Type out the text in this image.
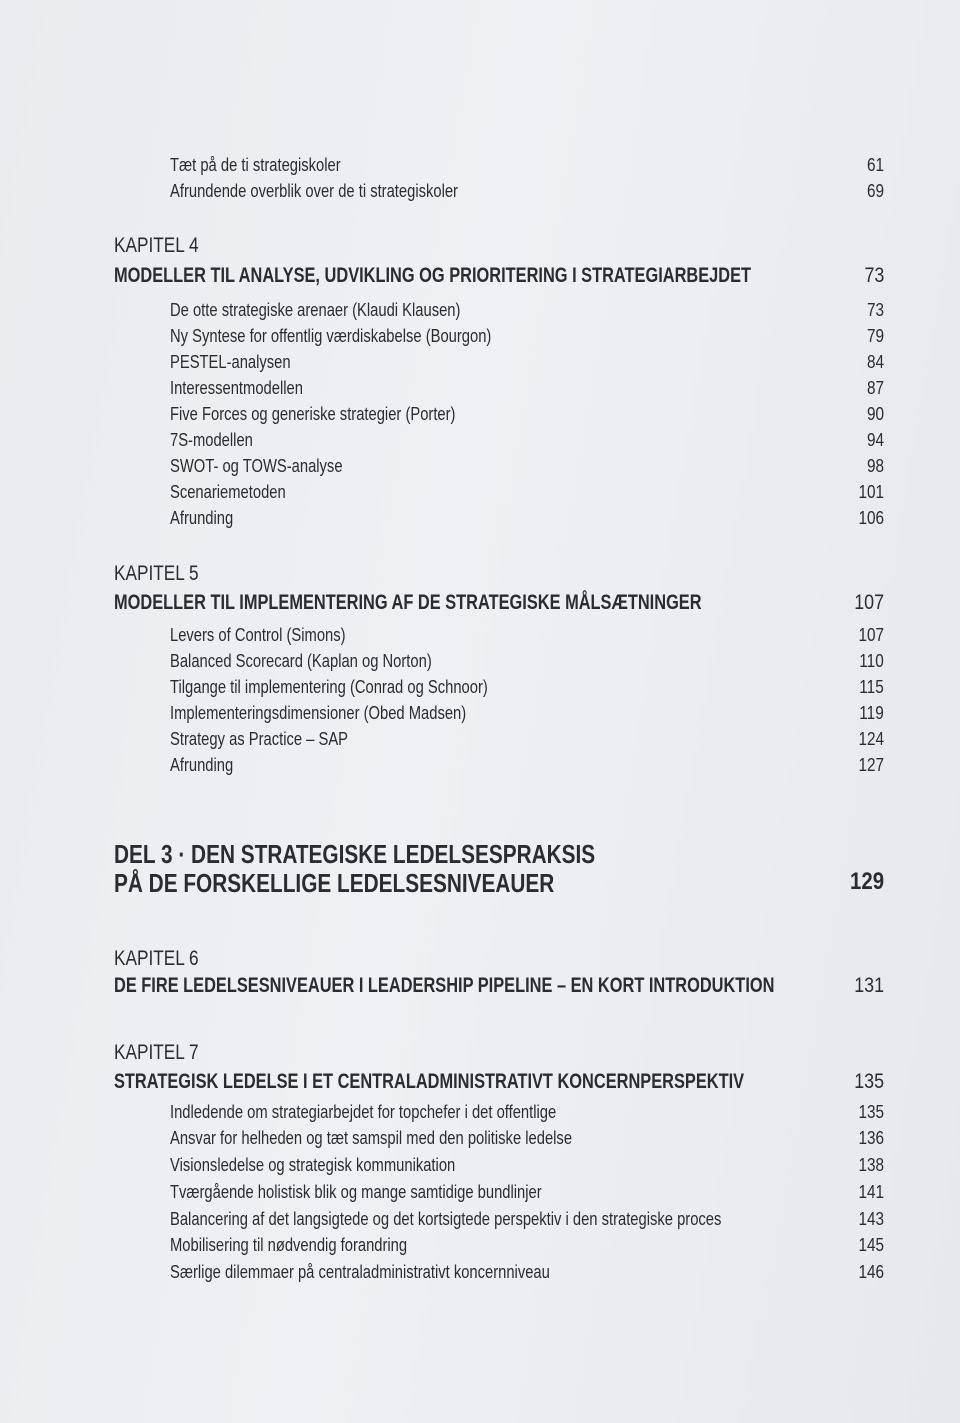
Tæt på de ti strategiskoler	61
Afrundende overblik over de ti strategiskoler	69
KAPITEL 4
MODELLER TIL ANALYSE, UDVIKLING OG PRIORITERING I STRATEGIARBEJDET	73
De otte strategiske arenaer (Klaudi Klausen)	73
Ny Syntese for offentlig værdiskabelse (Bourgon)	79
PESTEL-analysen	84
Interessentmodellen	87
Five Forces og generiske strategier (Porter)	90
7S-modellen	94
SWOT- og TOWS-analyse	98
Scenariemetoden	101
Afrunding	106
KAPITEL 5
MODELLER TIL IMPLEMENTERING AF DE STRATEGISKE MÅLSÆTNINGER	107
Levers of Control (Simons)	107
Balanced Scorecard (Kaplan og Norton)	110
Tilgange til implementering (Conrad og Schnoor)	115
Implementeringsdimensioner (Obed Madsen)	119
Strategy as Practice – SAP	124
Afrunding	127
DEL 3 · DEN STRATEGISKE LEDELSESPRAKSIS
PÅ DE FORSKELLIGE LEDELSESNIVEAUER	129
KAPITEL 6
DE FIRE LEDELSESNIVEAUER I LEADERSHIP PIPELINE – EN KORT INTRODUKTION	131
KAPITEL 7
STRATEGISK LEDELSE I ET CENTRALADMINISTRATIVT KONCERNPERSPEKTIV	135
Indledende om strategiarbejdet for topchefer i det offentlige	135
Ansvar for helheden og tæt samspil med den politiske ledelse	136
Visionsledelse og strategisk kommunikation	138
Tværgående holistisk blik og mange samtidige bundlinjer	141
Balancering af det langsigtede og det kortsigtede perspektiv i den strategiske proces	143
Mobilisering til nødvendig forandring	145
Særlige dilemmaer på centraladministrativt koncernniveau	146
